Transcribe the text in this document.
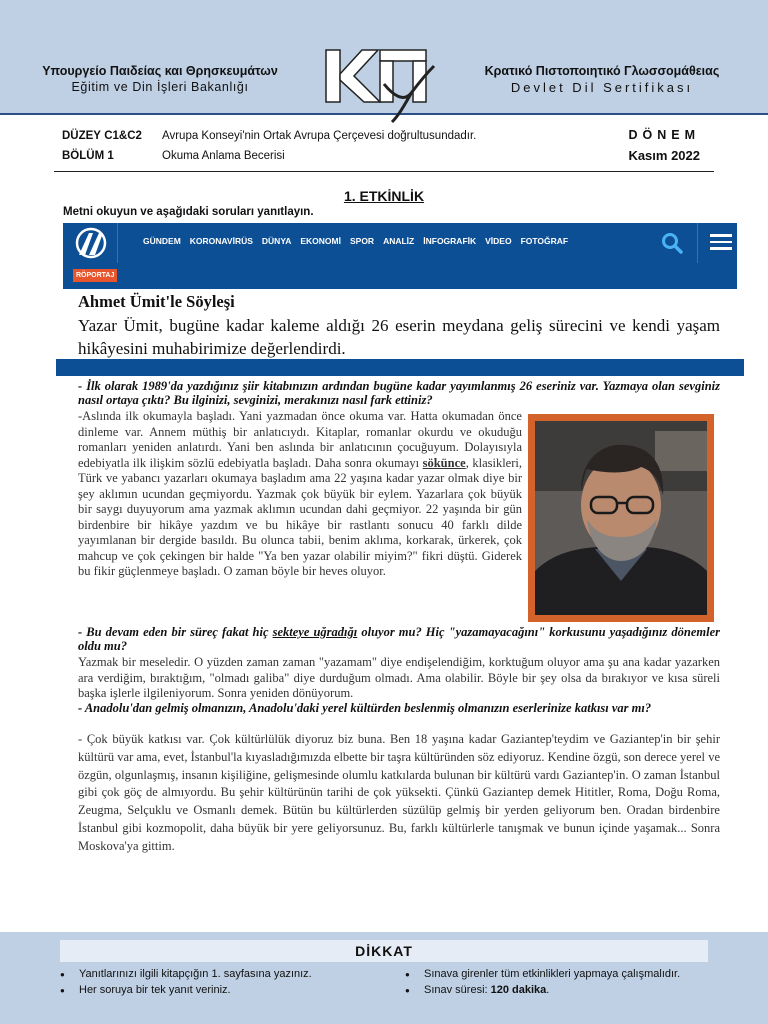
Υπουργείο Παιδείας και Θρησκευμάτων
Eğitim ve Din İşleri Bakanlığı
Κρατικό Πιστοποιητικό Γλωσσομάθειας
Devlet Dil Sertifikası
DÜZEY C1&C2 Avrupa Konseyi'nin Ortak Avrupa Çerçevesi doğrultusundadır.
BÖLÜM 1	Okuma Anlama Becerisi
DÖNEM
Kasım 2022
1. ETKİNLİK
Metni okuyun ve aşağıdaki soruları yanıtlayın.
GÜNDEM KORONAVİRÜS DÜNYA EKONOMİ SPOR ANALİZ İNFOGRAFİK VİDEO FOTOĞRAF
RÖPORTAJ
Ahmet Ümit'le Söyleşi
Yazar Ümit, bugüne kadar kaleme aldığı 26 eserin meydana geliş sürecini ve kendi yaşam hikâyesini muhabirimize değerlendirdi.
- İlk olarak 1989'da yazdığınız şiir kitabınızın ardından bugüne kadar yayımlanmış 26 eseriniz var. Yazmaya olan sevginiz nasıl ortaya çıktı? Bu ilginizi, sevginizi, merakınızı nasıl fark ettiniz?
-Aslında ilk okumayla başladı. Yani yazmadan önce okuma var. Hatta okumadan önce dinleme var. Annem müthiş bir anlatıcıydı. Kitaplar, romanlar okurdu ve okuduğu romanları yeniden anlatırdı. Yani ben aslında bir anlatıcının çocuğuyum. Dolayısıyla edebiyatla ilk ilişkim sözlü edebiyatla başladı. Daha sonra okumayı sökünce, klasikleri, Türk ve yabancı yazarları okumaya başladım ama 22 yaşına kadar yazar olmak diye bir şey aklımın ucundan geçmiyordu. Yazmak çok büyük bir eylem. Yazarlara çok büyük bir saygı duyuyorum ama yazmak aklımın ucundan dahi geçmiyor. 22 yaşında bir gün birdenbire bir hikâye yazdım ve bu hikâye bir rastlantı sonucu 40 farklı dilde yayımlanan bir dergide basıldı. Bu olunca tabii, benim aklıma, korkarak, ürkerek, çok mahcup ve çok çekingen bir halde "Ya ben yazar olabilir miyim?" fikri düştü. Giderek bu fikir güçlenmeye başladı. O zaman böyle bir heves oluyor.
- Bu devam eden bir süreç fakat hiç sekteye uğradığı oluyor mu? Hiç "yazamayacağını" korkusunu yaşadığınız dönemler oldu mu?
Yazmak bir meseledir. O yüzden zaman zaman "yazamam" diye endişelendiğim, korktuğum oluyor ama şu ana kadar yazarken ara verdiğim, bıraktığım, "olmadı galiba" diye durduğum olmadı. Ama olabilir. Böyle bir şey olsa da bırakıyor ve kısa süreli başka işlerle ilgileniyorum. Sonra yeniden dönüyorum.
- Anadolu'dan gelmiş olmanızın, Anadolu'daki yerel kültürden beslenmiş olmanızın eserlerinize katkısı var mı?
- Çok büyük katkısı var. Çok kültürlülük diyoruz biz buna. Ben 18 yaşına kadar Gaziantep'teydim ve Gaziantep'in bir şehir kültürü var ama, evet, İstanbul'la kıyasladığımızda elbette bir taşra kültüründen söz ediyoruz. Kendine özgü, son derece yerel ve özgün, olgunlaşmış, insanın kişiliğine, gelişmesinde olumlu katkılarda bulunan bir kültürü vardı Gaziantep'in. O zaman İstanbul gibi çok göç de almıyordu. Bu şehir kültürünün tarihi de çok yüksekti. Çünkü Gaziantep demek Hititler, Roma, Doğu Roma, Zeugma, Selçuklu ve Osmanlı demek. Bütün bu kültürlerden süzülüp gelmiş bir yerden geliyorum ben. Oradan birdenbire İstanbul gibi kozmopolit, daha büyük bir yere geliyorsunuz. Bu, farklı kültürlerle tanışmak ve bunun içinde yaşamak... Sonra Moskova'ya gittim.
DİKKAT
● Yanıtlarınızı ilgili kitapçığın 1. sayfasına yazınız.
● Her soruya bir tek yanıt veriniz.
● Sınava girenler tüm etkinlikleri yapmaya çalışmalıdır.
● Sınav süresi: 120 dakika.
